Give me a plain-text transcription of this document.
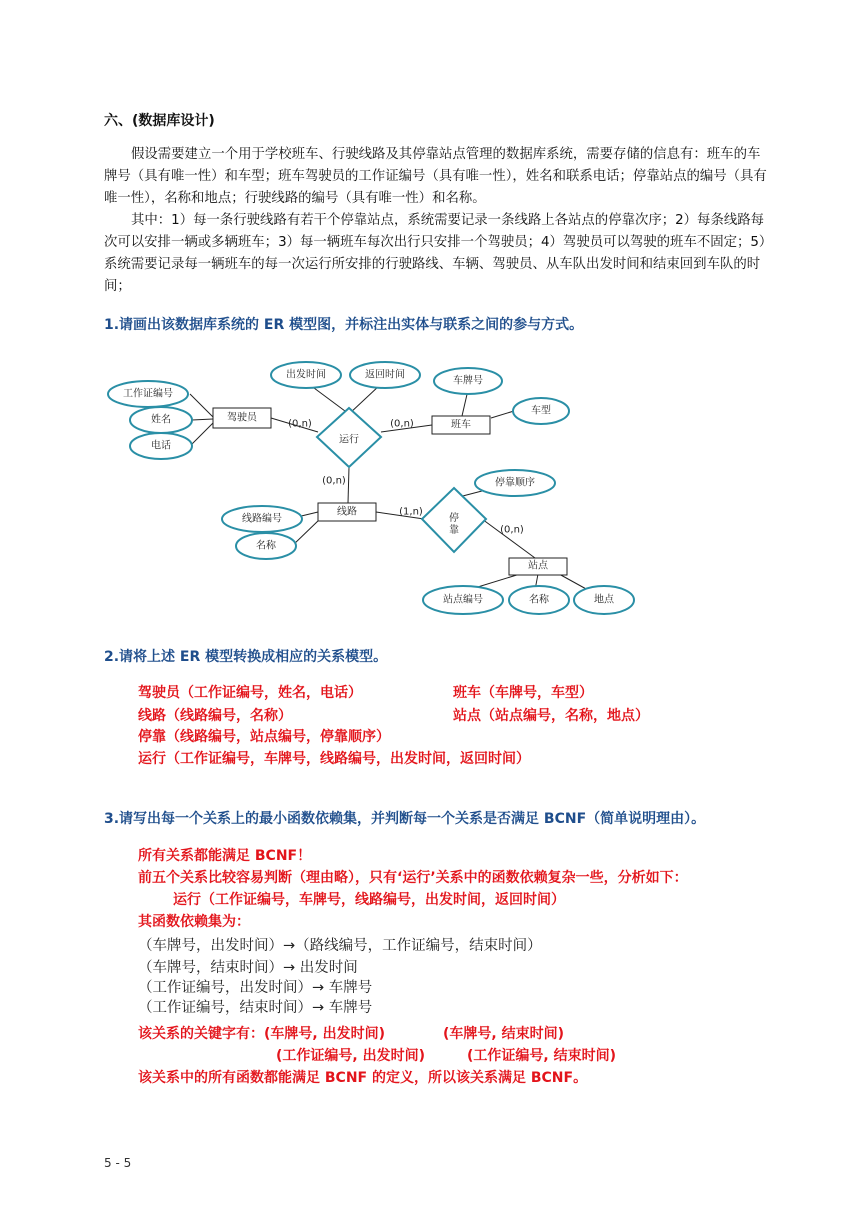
六、(数据库设计)
假设需要建立一个用于学校班车、行驶线路及其停靠站点管理的数据库系统，需要存储的信息有：班车的车牌号（具有唯一性）和车型；班车驾驶员的工作证编号（具有唯一性），姓名和联系电话；停靠站点的编号（具有唯一性），名称和地点；行驶线路的编号（具有唯一性）和名称。
其中：1）每一条行驶线路有若干个停靠站点，系统需要记录一条线路上各站点的停靠次序；2）每条线路每次可以安排一辆或多辆班车；3）每一辆班车每次出行只安排一个驾驶员；4）驾驶员可以驾驶的班车不固定；5）系统需要记录每一辆班车的每一次运行所安排的行驶路线、车辆、驾驶员、从车队出发时间和结束回到车队的时间；
1.请画出该数据库系统的 ER 模型图，并标注出实体与联系之间的参与方式。
工作证编号
姓名
电话
出发时间	返回时间
车牌号
车型
停靠顺序
线路编号
名称
站点编号	名称	地点
驾驶员
班车
线路
站点
运行
停靠
(0,n)	(0,n)
(0,n)
(1,n)
(0,n)
2.请将上述 ER 模型转换成相应的关系模型。
驾驶员（工作证编号，姓名，电话）	班车（车牌号，车型）
线路（线路编号，名称）	站点（站点编号，名称，地点）
停靠（线路编号，站点编号，停靠顺序）
运行（工作证编号，车牌号，线路编号，出发时间，返回时间）
3.请写出每一个关系上的最小函数依赖集，并判断每一个关系是否满足 BCNF（简单说明理由）。
所有关系都能满足 BCNF！
前五个关系比较容易判断（理由略），只有‘运行’关系中的函数依赖复杂一些，分析如下：
运行（工作证编号，车牌号，线路编号，出发时间，返回时间）
其函数依赖集为：
（车牌号，出发时间）→（路线编号，工作证编号，结束时间）
（车牌号，结束时间）→ 出发时间
（工作证编号，出发时间）→ 车牌号
（工作证编号，结束时间）→ 车牌号
该关系的关键字有：(车牌号, 出发时间)	(车牌号, 结束时间)
(工作证编号, 出发时间)	(工作证编号, 结束时间)
该关系中的所有函数都能满足 BCNF 的定义，所以该关系满足 BCNF。
5 - 5
